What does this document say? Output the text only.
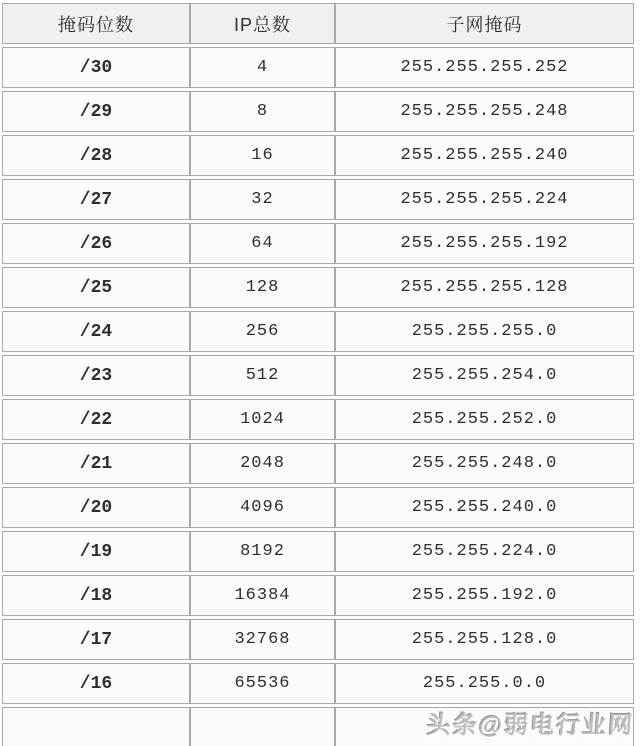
掩码位数	IP总数	子网掩码
/30	4	255.255.255.252
/29	8	255.255.255.248
/28	16	255.255.255.240
/27	32	255.255.255.224
/26	64	255.255.255.192
/25	128	255.255.255.128
/24	256	255.255.255.0
/23	512	255.255.254.0
/22	1024	255.255.252.0
/21	2048	255.255.248.0
/20	4096	255.255.240.0
/19	8192	255.255.224.0
/18	16384	255.255.192.0
/17	32768	255.255.128.0
/16	65536	255.255.0.0

头条@弱电行业网
